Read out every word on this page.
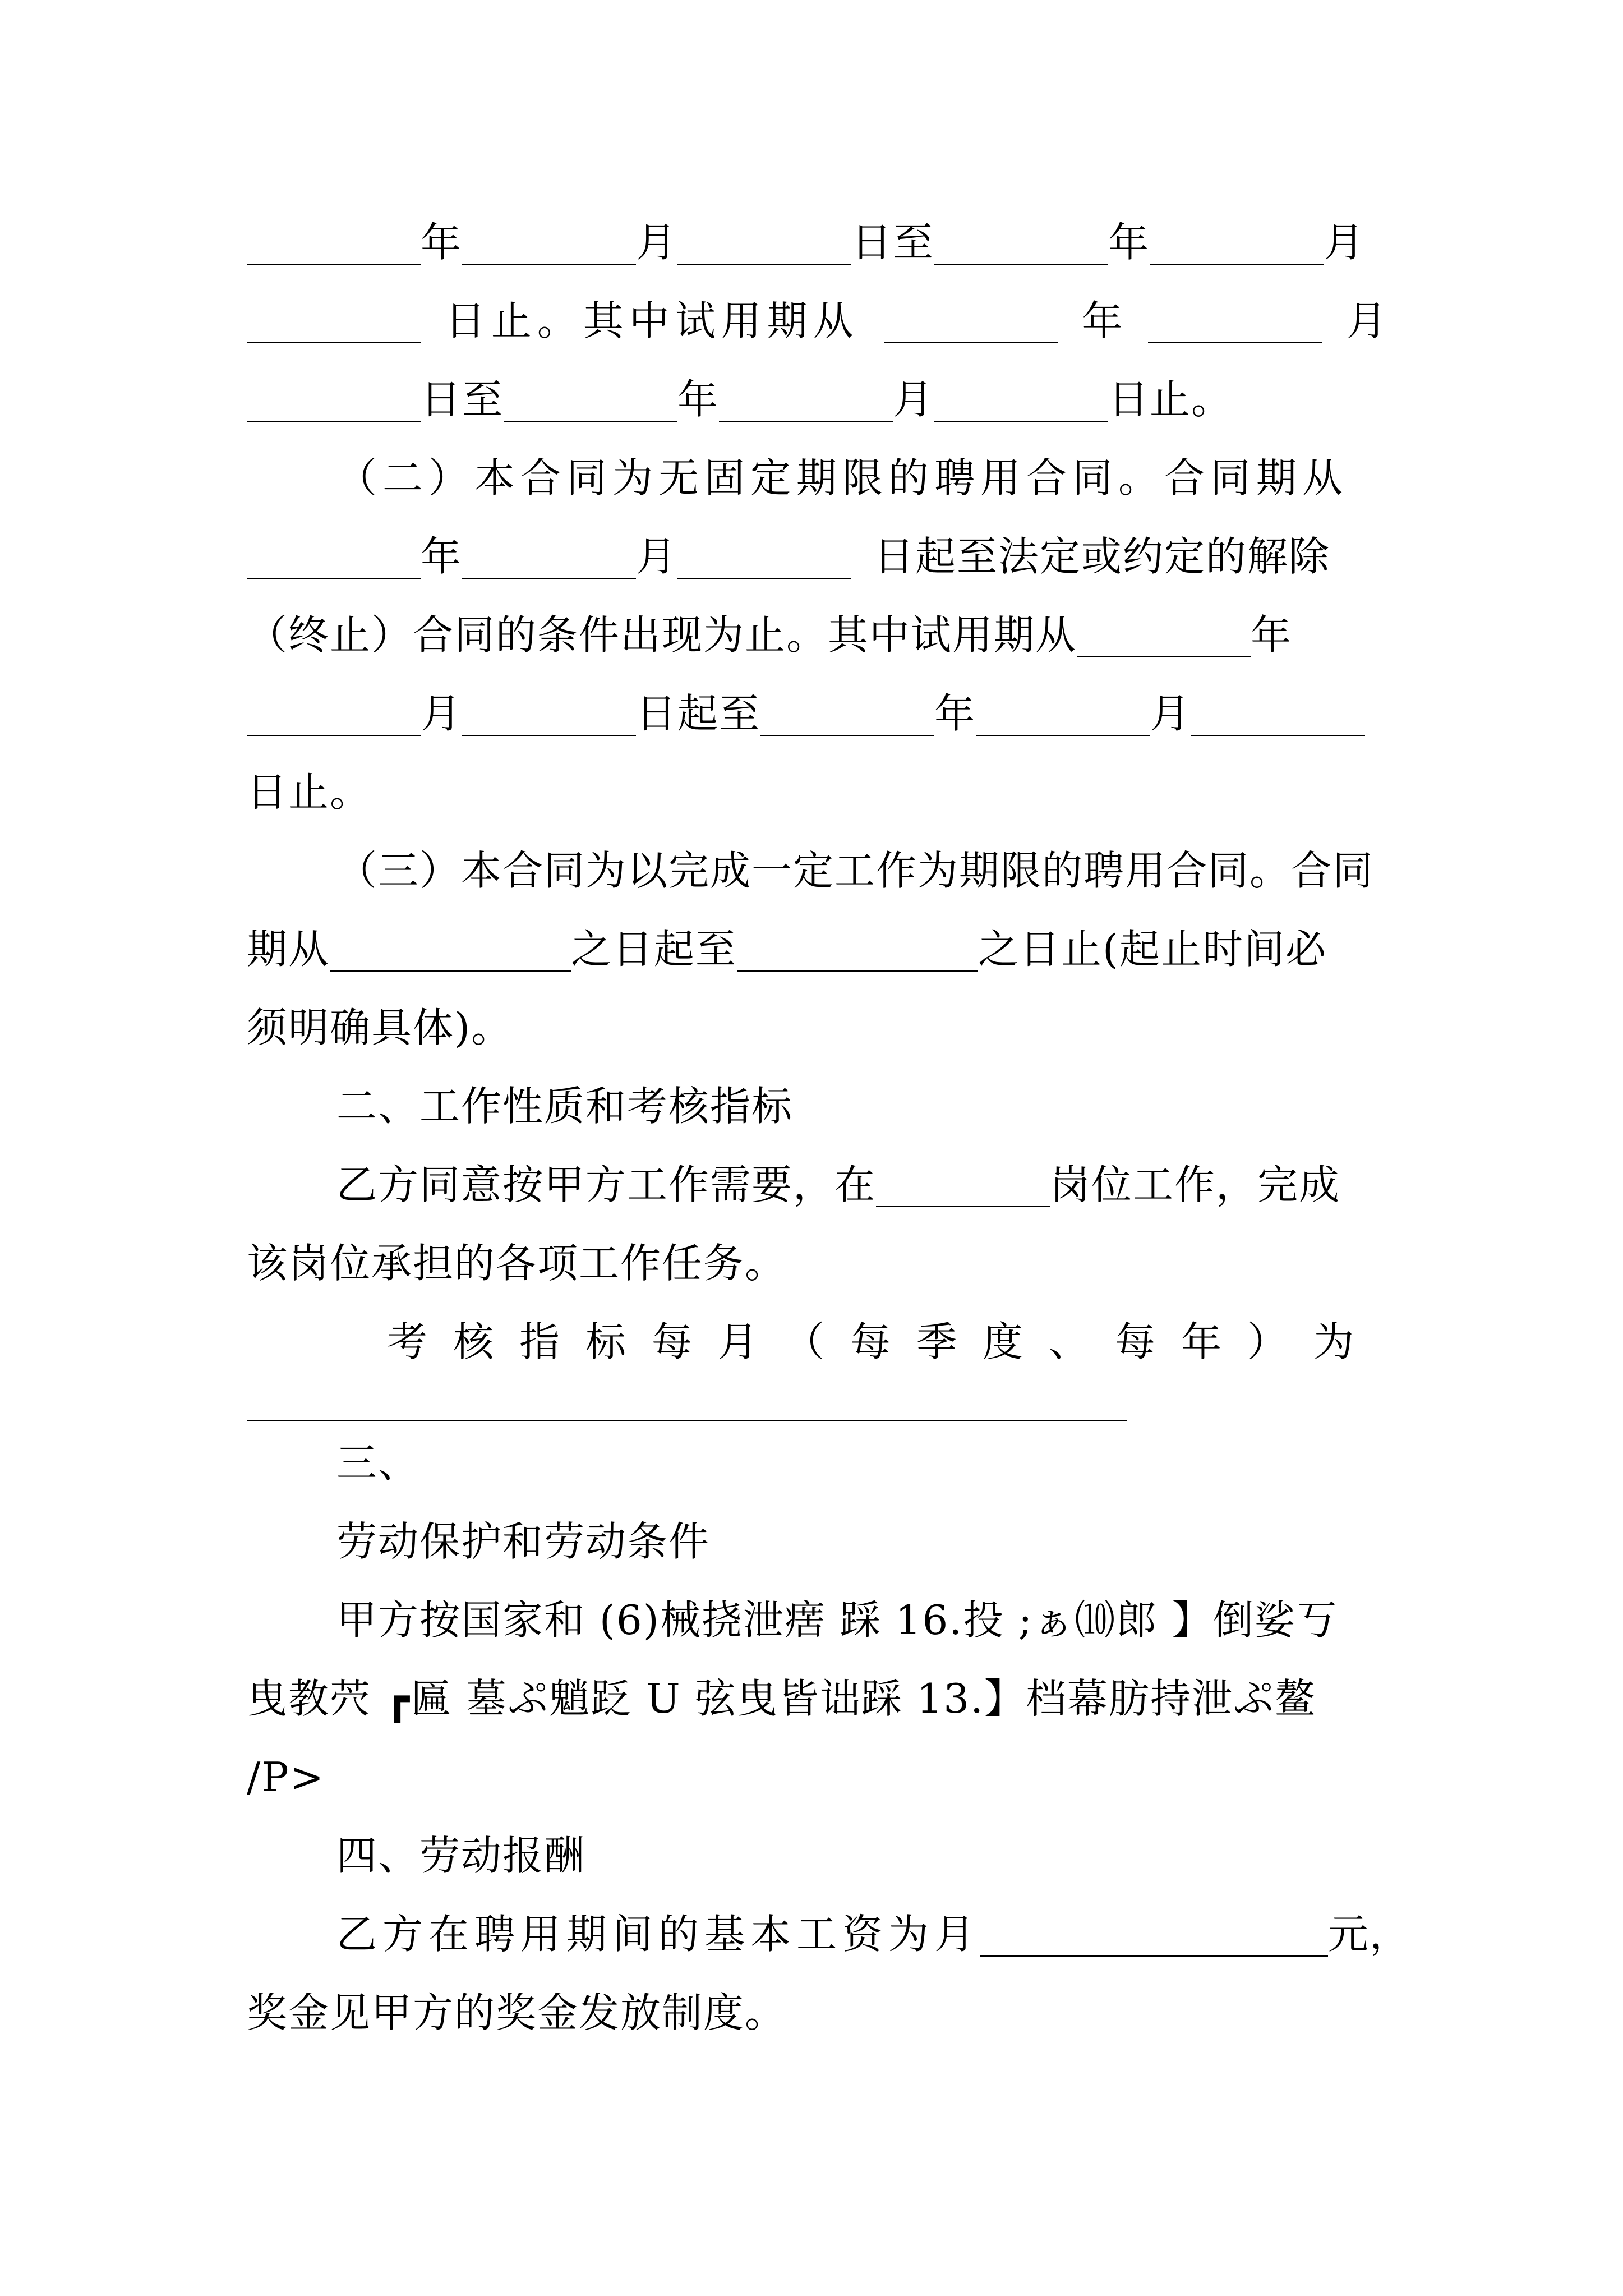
年	月	日至	年	月
日止。其中试用期从	年	月
日至	年	月	日止。
（二）本合同为无固定期限的聘用合同。合同期从
年	月	日起至法定或约定的解除
（终止）合同的条件出现为止。其中试用期从	年
月	日起至	年	月
日止。
（三）本合同为以完成一定工作为期限的聘用合同。合同
期从	之日起至	之日止(起止时间必
须明确具体)。
二、工作性质和考核指标
乙方同意按甲方工作需要，在	岗位工作，完成
该岗位承担的各项工作任务。
考核指标每月（每季度、每年）为
三、
劳动保护和劳动条件
甲方按国家和 (6)械挠泄瘔 踩 16.投 ;ぁ⑽郎 】倒娑丂
曳教茓 ┏匾 墓ぷ魈䟪 U 弦曳皆诎踩 13.】档幕肪持泄ぷ鳌
/P>
四、劳动报酬
乙方在聘用期间的基本工资为月	元，
奖金见甲方的奖金发放制度。
